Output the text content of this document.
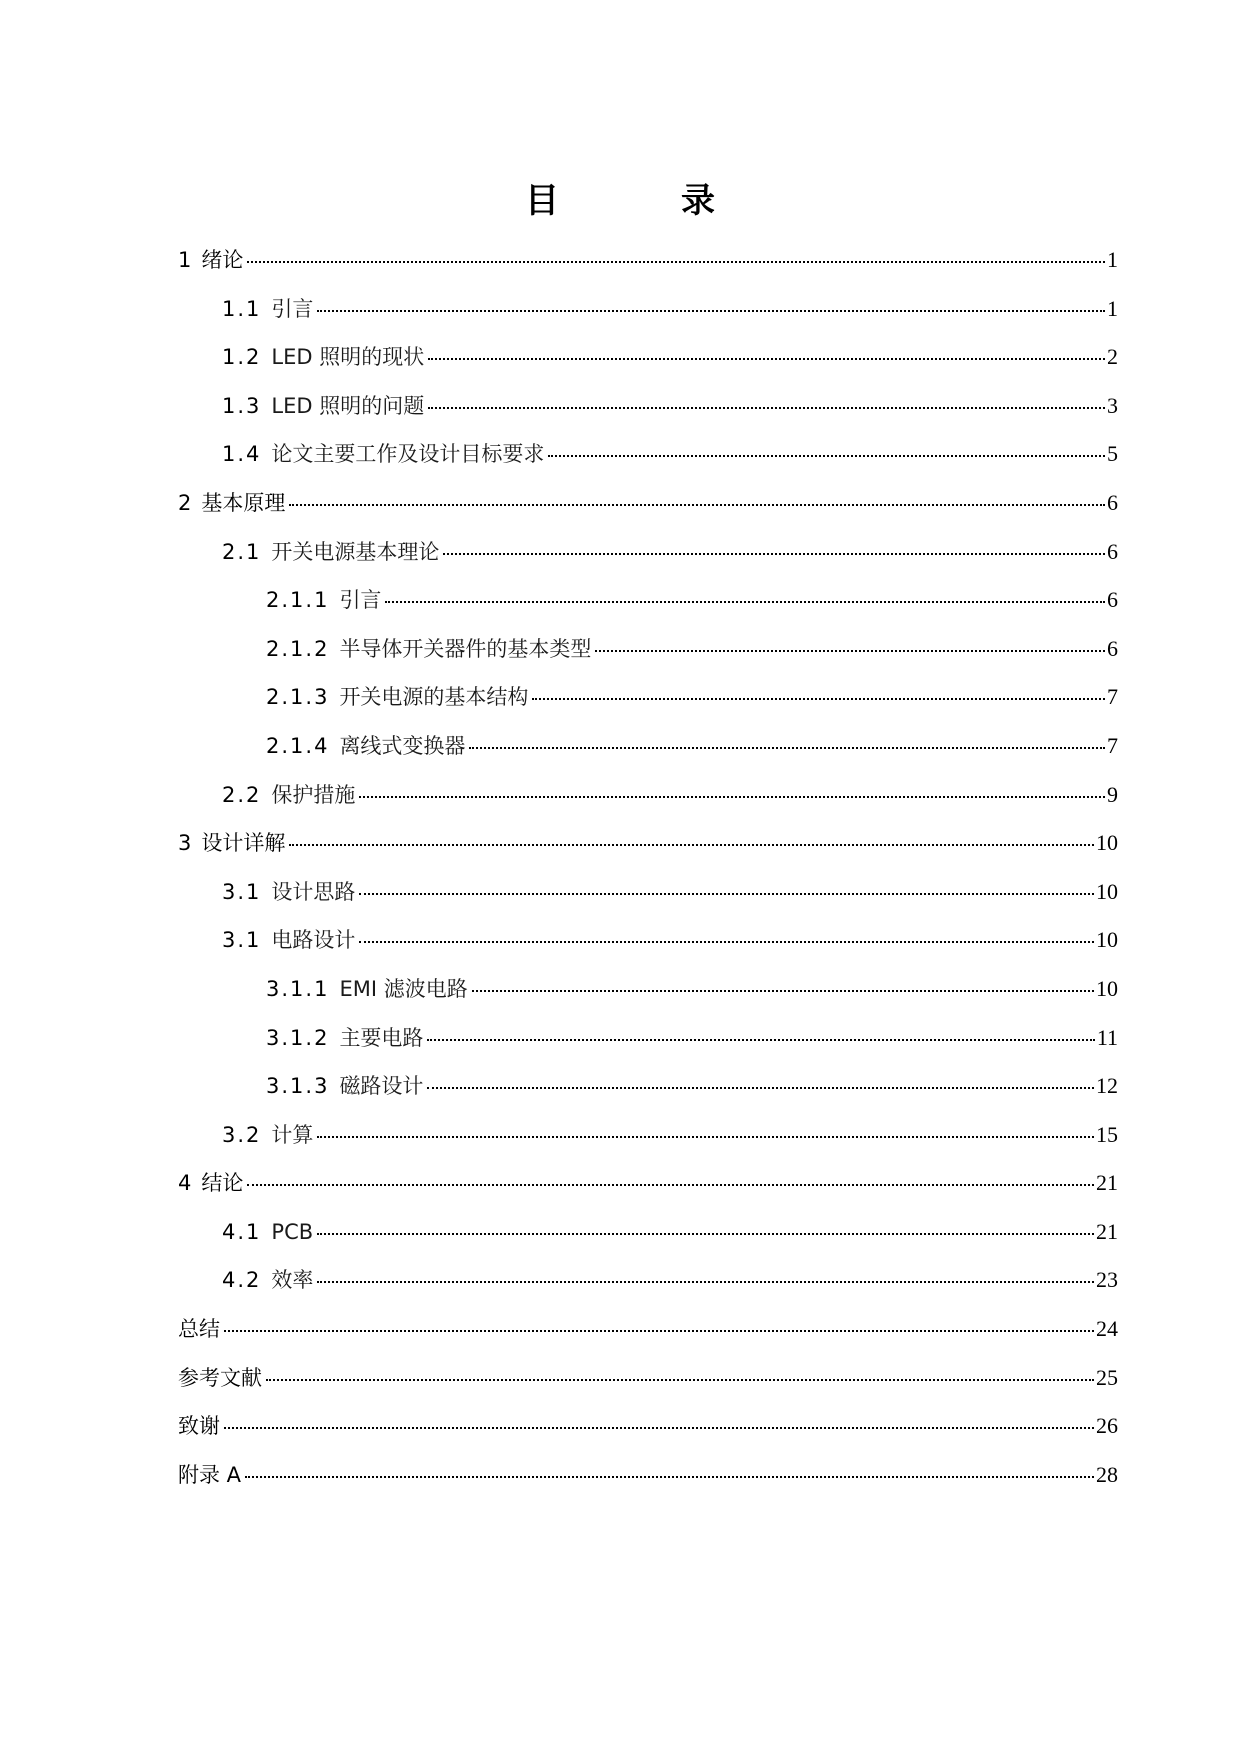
目	录
1 绪论	1
1.1 引言	1
1.2 LED 照明的现状	2
1.3 LED 照明的问题	3
1.4 论文主要工作及设计目标要求	5
2 基本原理	6
2.1 开关电源基本理论	6
2.1.1 引言	6
2.1.2 半导体开关器件的基本类型	6
2.1.3 开关电源的基本结构	7
2.1.4 离线式变换器	7
2.2 保护措施	9
3 设计详解	10
3.1 设计思路	10
3.1 电路设计	10
3.1.1 EMI 滤波电路	10
3.1.2 主要电路	11
3.1.3 磁路设计	12
3.2 计算	15
4 结论	21
4.1 PCB	21
4.2 效率	23
总结	24
参考文献	25
致谢	26
附录 A	28
